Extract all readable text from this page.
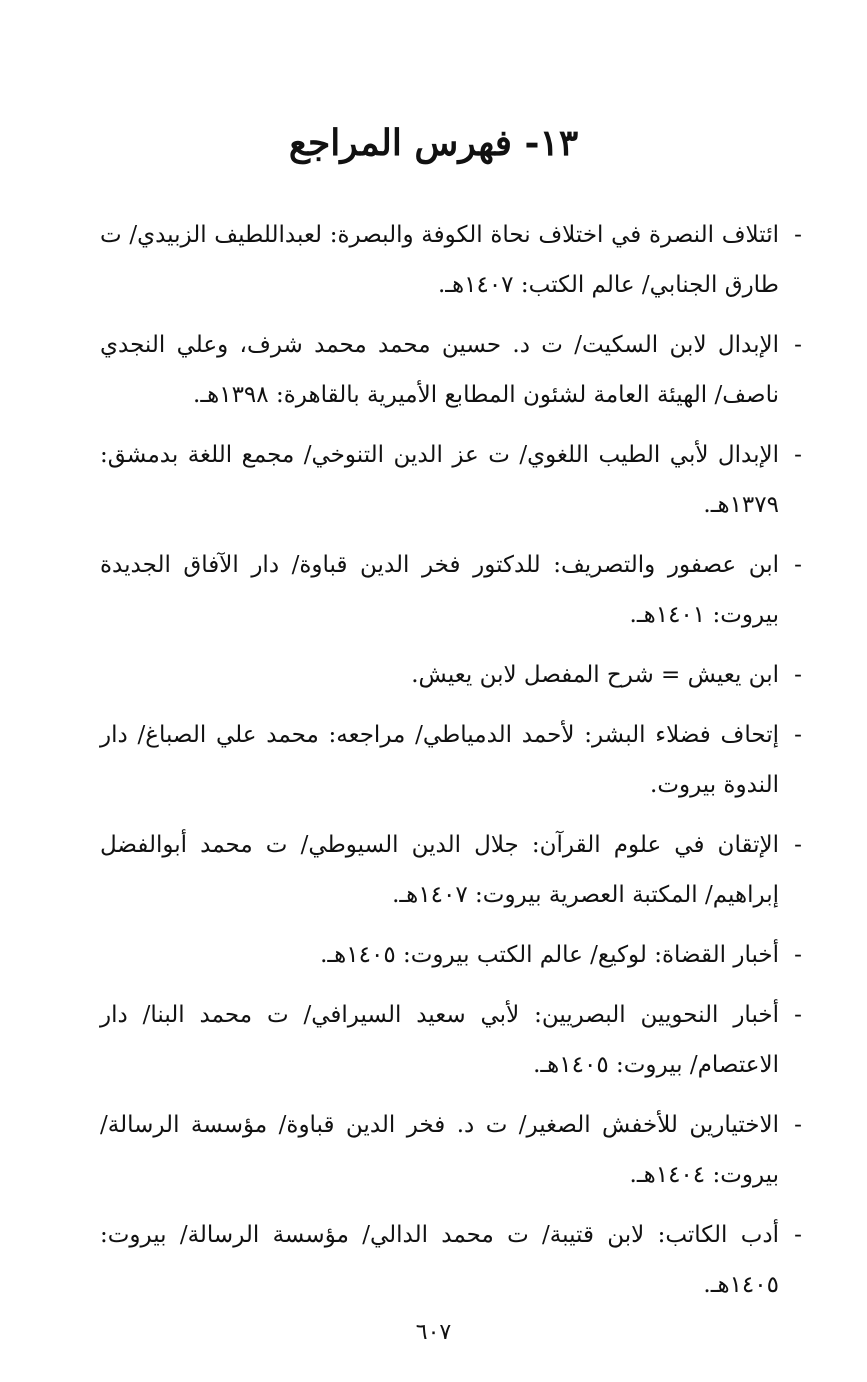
١٣- فهرس المراجع
-
ائتلاف النصرة في اختلاف نحاة الكوفة والبصرة: لعبداللطيف الزبيدي/ ت طارق الجنابي/ عالم الكتب: ١٤٠٧هـ.
-
الإبدال لابن السكيت/ ت د. حسين محمد محمد شرف، وعلي النجدي ناصف/ الهيئة العامة لشئون المطابع الأميرية بالقاهرة: ١٣٩٨هـ.
-
الإبدال لأبي الطيب اللغوي/ ت عز الدين التنوخي/ مجمع اللغة بدمشق: ١٣٧٩هـ.
-
ابن عصفور والتصريف: للدكتور فخر الدين قباوة/ دار الآفاق الجديدة بيروت: ١٤٠١هـ.
-
ابن يعيش = شرح المفصل لابن يعيش.
-
إتحاف فضلاء البشر: لأحمد الدمياطي/ مراجعه: محمد علي الصباغ/ دار الندوة بيروت.
-
الإتقان في علوم القرآن: جلال الدين السيوطي/ ت محمد أبوالفضل إبراهيم/ المكتبة العصرية بيروت: ١٤٠٧هـ.
-
أخبار القضاة: لوكيع/ عالم الكتب بيروت: ١٤٠٥هـ.
-
أخبار النحويين البصريين: لأبي سعيد السيرافي/ ت محمد البنا/ دار الاعتصام/ بيروت: ١٤٠٥هـ.
-
الاختيارين للأخفش الصغير/ ت د. فخر الدين قباوة/ مؤسسة الرسالة/ بيروت: ١٤٠٤هـ.
-
أدب الكاتب: لابن قتيبة/ ت محمد الدالي/ مؤسسة الرسالة/ بيروت: ١٤٠٥هـ.
٦٠٧
